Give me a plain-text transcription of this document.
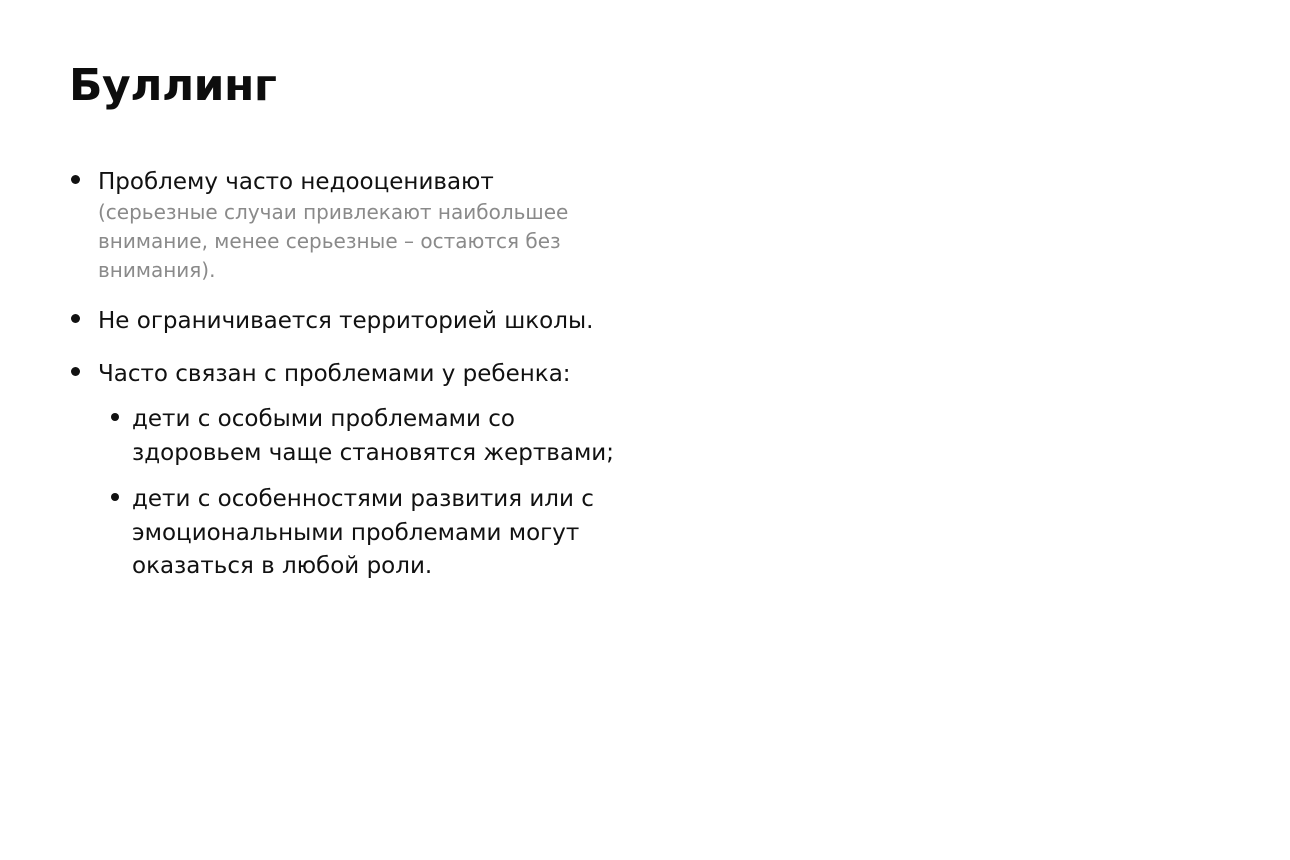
Буллинг
Проблему часто недооценивают
(серьезные случаи привлекают наибольшее внимание, менее серьезные – остаются без внимания).
Не ограничивается территорией школы.
Часто связан с проблемами у ребенка:
дети с особыми проблемами со здоровьем чаще становятся жертвами;
дети с особенностями развития или с эмоциональными проблемами могут оказаться в любой роли.
